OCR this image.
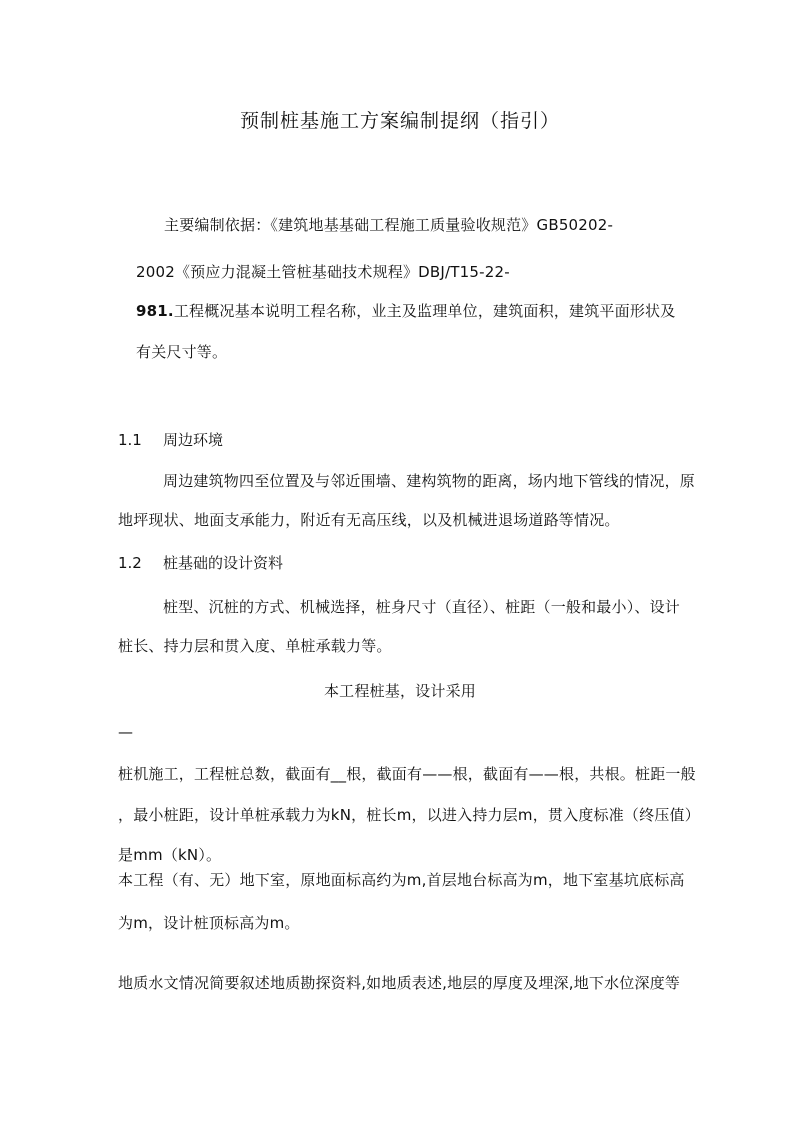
预制桩基施工方案编制提纲（指引）
主要编制依据：《建筑地基基础工程施工质量验收规范》GB50202-
2002《预应力混凝土管桩基础技术规程》DBJ/T15-22-
981.工程概况基本说明工程名称，业主及监理单位，建筑面积，建筑平面形状及
有关尺寸等。
1.1 周边环境
周边建筑物四至位置及与邻近围墙、建构筑物的距离，场内地下管线的情况，原
地坪现状、地面支承能力，附近有无高压线，以及机械进退场道路等情况。
1.2 桩基础的设计资料
桩型、沉桩的方式、机械选择，桩身尺寸（直径）、桩距（一般和最小）、设计
桩长、持力层和贯入度、单桩承载力等。
本工程桩基，设计采用
—
桩机施工，工程桩总数，截面有__根，截面有——根，截面有——根，共根。桩距一般
，最小桩距，设计单桩承载力为kN，桩长m，以进入持力层m，贯入度标准（终压值）
是mm（kN）。
本工程（有、无）地下室，原地面标高约为m,首层地台标高为m，地下室基坑底标高
为m，设计桩顶标高为m。
地质水文情况简要叙述地质勘探资料,如地质表述,地层的厚度及埋深,地下水位深度等
